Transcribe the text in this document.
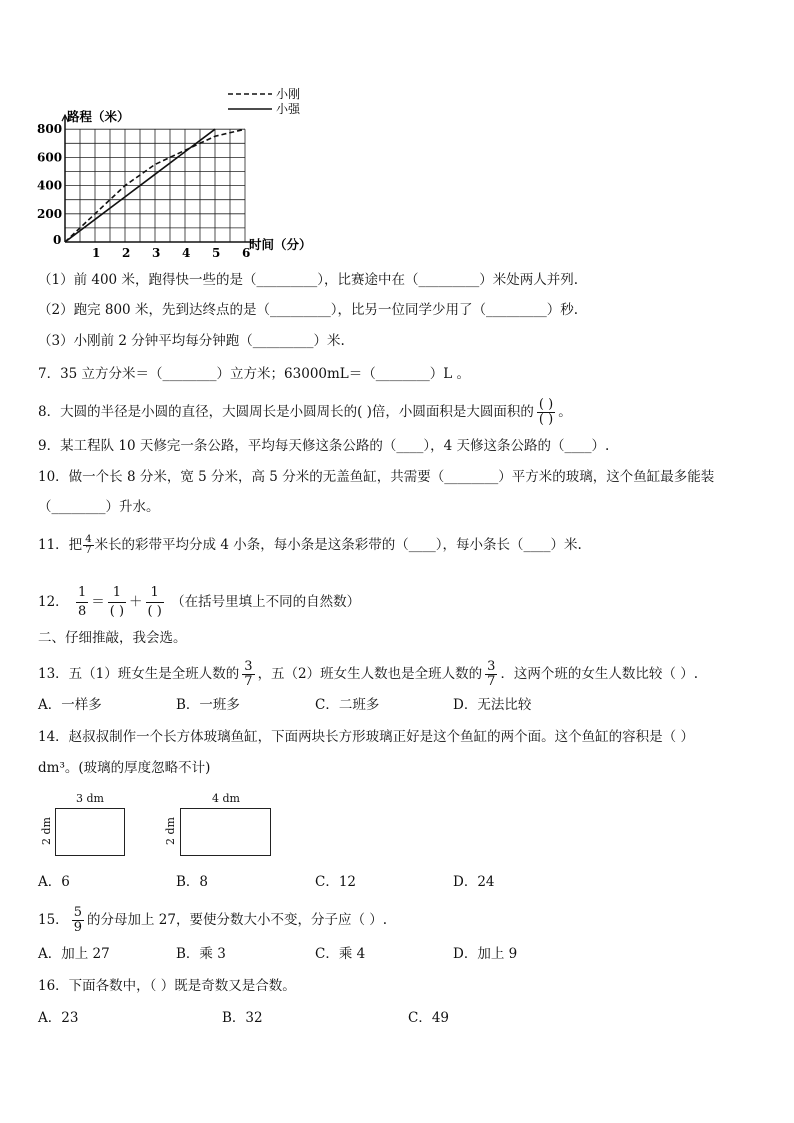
1 2 3 4 5 6
0
200
400
600
800
路程（米）
时间（分）
小刚
小强
（1）前 400 米，跑得快一些的是（_________），比赛途中在（_________）米处两人并列.
（2）跑完 800 米，先到达终点的是（_________），比另一位同学少用了（_________）秒.
（3）小刚前 2 分钟平均每分钟跑（_________）米.
7．35 立方分米＝（________）立方米；63000mL＝（________）L 。
8．大圆的半径是小圆的直径，大圆周长是小圆周长的( )倍，小圆面积是大圆面积的 $\frac{( )}{( )}$ 。
9．某工程队 10 天修完一条公路，平均每天修这条公路的（____），4 天修这条公路的（____）.
10．做一个长 8 分米，宽 5 分米，高 5 分米的无盖鱼缸，共需要（________）平方米的玻璃，这个鱼缸最多能装
（________）升水。
11．把 $\frac{4}{7}$ 米长的彩带平均分成 4 小条，每小条是这条彩带的（____），每小条长（____）米.
12． $\frac{1}{8} = \frac{1}{( )} + \frac{1}{( )}$ （在括号里填上不同的自然数）
二、仔细推敲，我会选。
13．五（1）班女生是全班人数的 $\frac{3}{7}$ ，五（2）班女生人数也是全班人数的 $\frac{3}{7}$ ．这两个班的女生人数比较（ ）.
A．一样多	B．一班多	C．二班多	D．无法比较
14．赵叔叔制作一个长方体玻璃鱼缸，下面两块长方形玻璃正好是这个鱼缸的两个面。这个鱼缸的容积是（ ）
dm³。(玻璃的厚度忽略不计)
3 dm
2 dm
4 dm
2 dm
A．6	B．8	C．12	D．24
15． $\frac{5}{9}$ 的分母加上 27，要使分数大小不变，分子应（ ）.
A．加上 27	B．乘 3	C．乘 4	D．加上 9
16．下面各数中，（ ）既是奇数又是合数。
A．23	B．32	C．49
